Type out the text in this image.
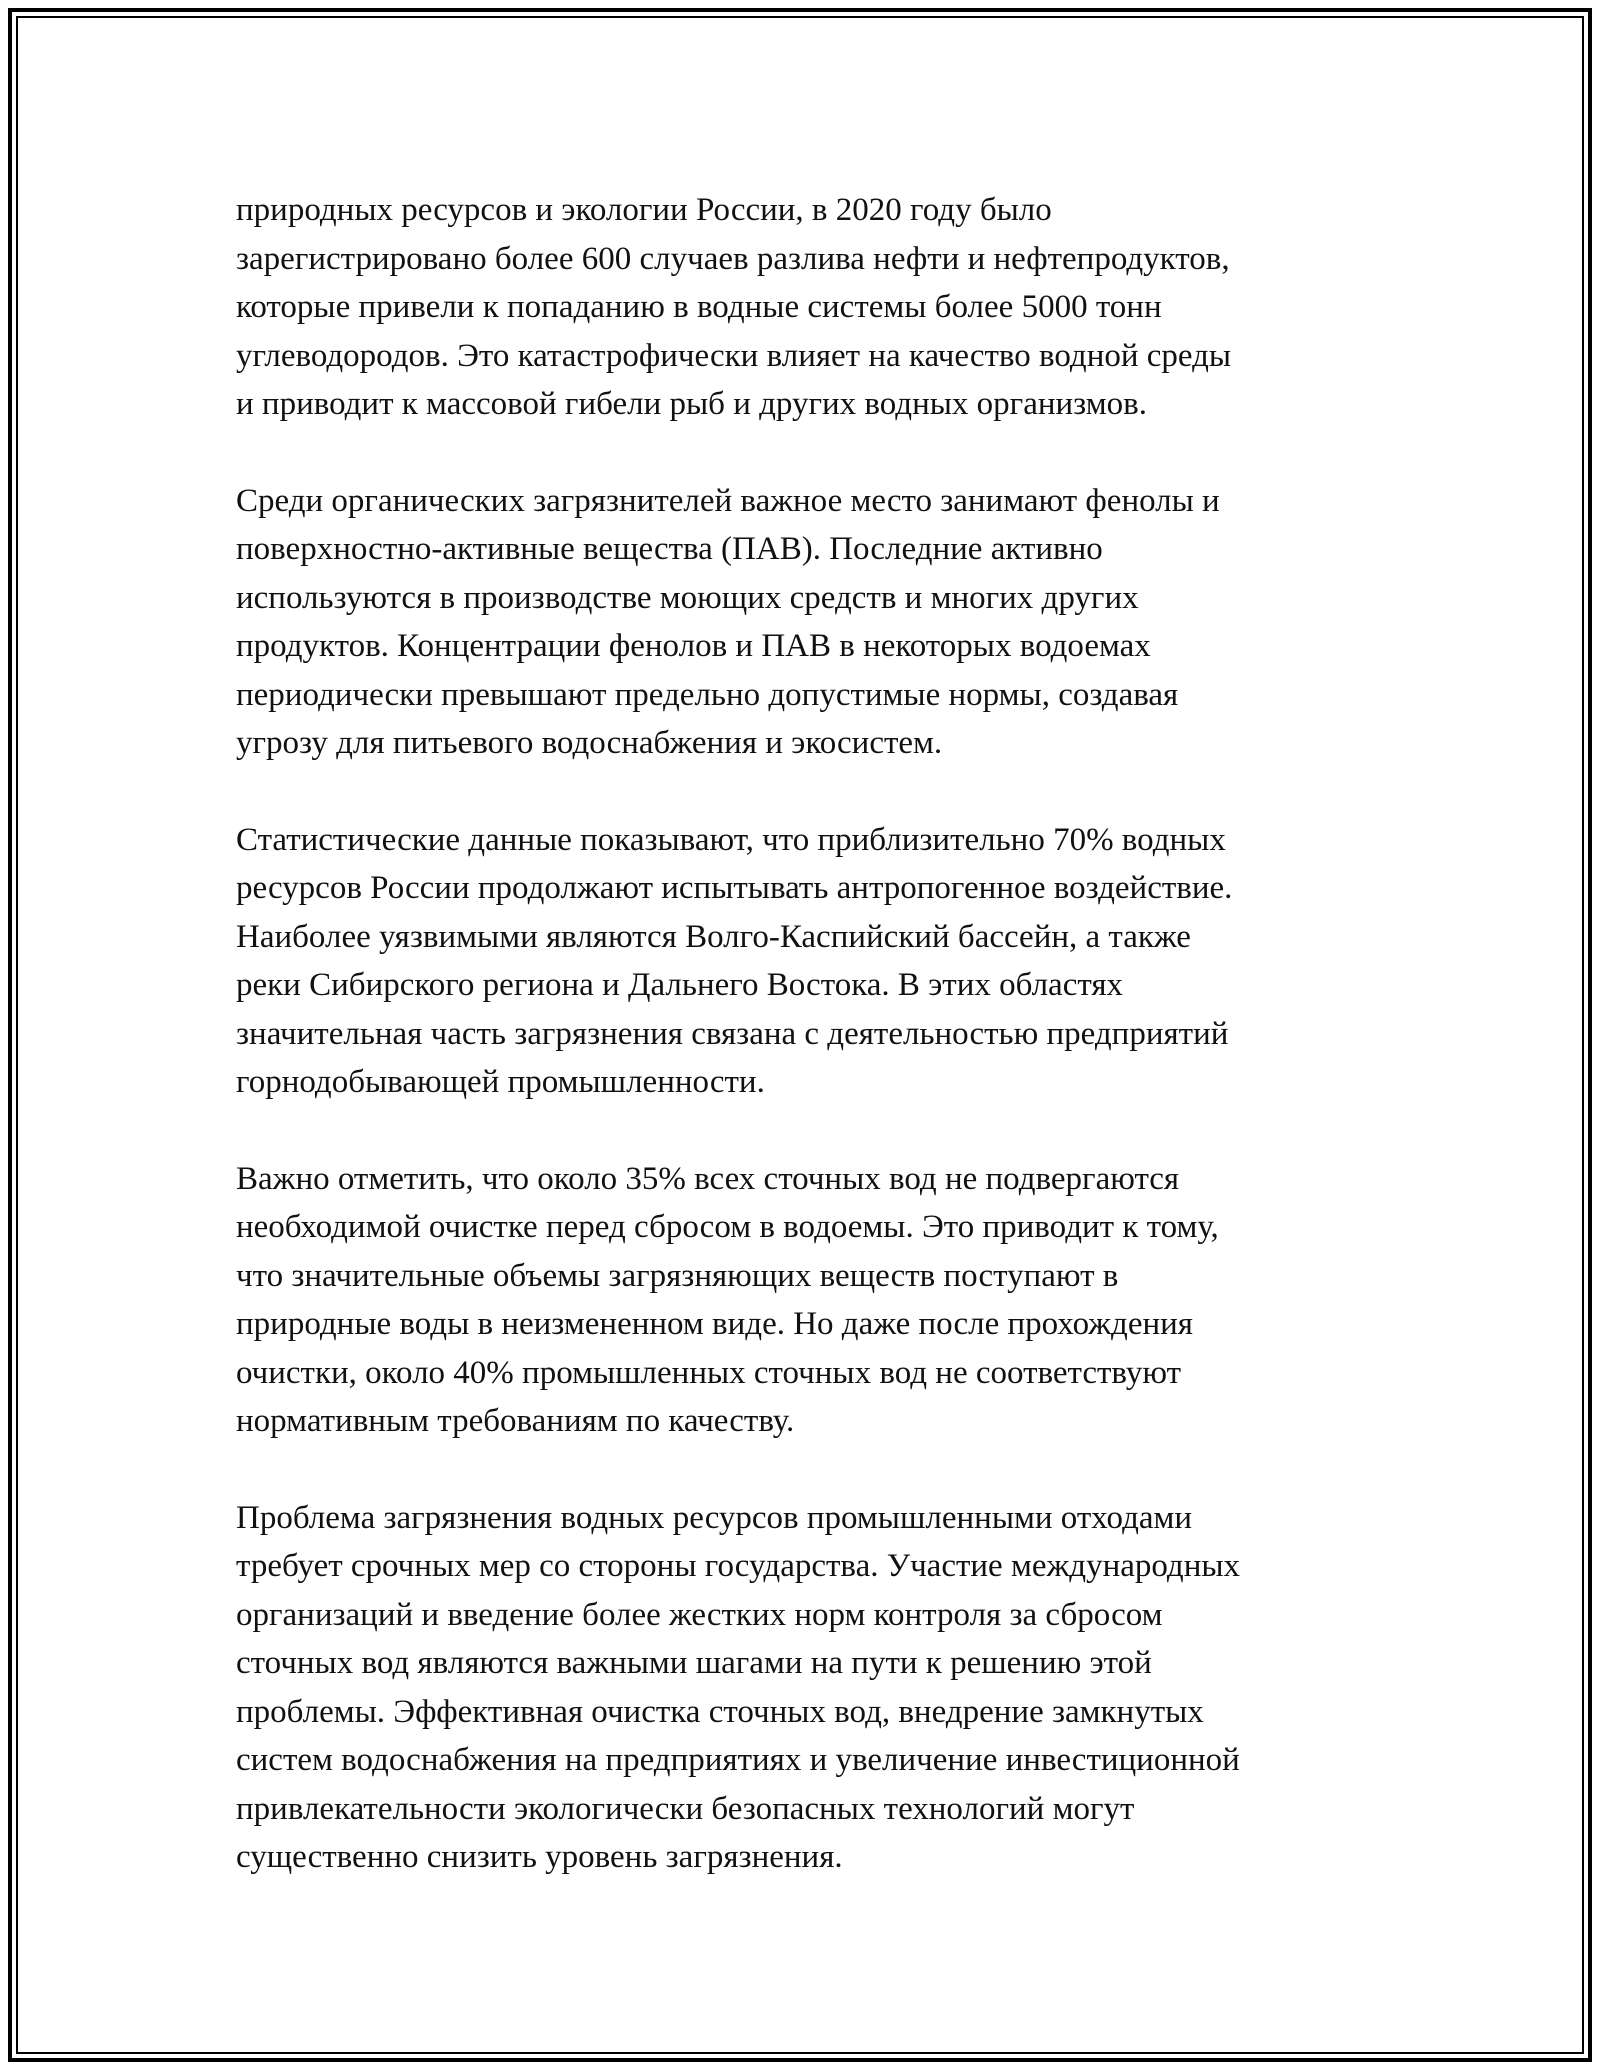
природных ресурсов и экологии России, в 2020 году было
зарегистрировано более 600 случаев разлива нефти и нефтепродуктов,
которые привели к попаданию в водные системы более 5000 тонн
углеводородов. Это катастрофически влияет на качество водной среды
и приводит к массовой гибели рыб и других водных организмов.

Среди органических загрязнителей важное место занимают фенолы и
поверхностно-активные вещества (ПАВ). Последние активно
используются в производстве моющих средств и многих других
продуктов. Концентрации фенолов и ПАВ в некоторых водоемах
периодически превышают предельно допустимые нормы, создавая
угрозу для питьевого водоснабжения и экосистем.

Статистические данные показывают, что приблизительно 70% водных
ресурсов России продолжают испытывать антропогенное воздействие.
Наиболее уязвимыми являются Волго-Каспийский бассейн, а также
реки Сибирского региона и Дальнего Востока. В этих областях
значительная часть загрязнения связана с деятельностью предприятий
горнодобывающей промышленности.

Важно отметить, что около 35% всех сточных вод не подвергаются
необходимой очистке перед сбросом в водоемы. Это приводит к тому,
что значительные объемы загрязняющих веществ поступают в
природные воды в неизмененном виде. Но даже после прохождения
очистки, около 40% промышленных сточных вод не соответствуют
нормативным требованиям по качеству.

Проблема загрязнения водных ресурсов промышленными отходами
требует срочных мер со стороны государства. Участие международных
организаций и введение более жестких норм контроля за сбросом
сточных вод являются важными шагами на пути к решению этой
проблемы. Эффективная очистка сточных вод, внедрение замкнутых
систем водоснабжения на предприятиях и увеличение инвестиционной
привлекательности экологически безопасных технологий могут
существенно снизить уровень загрязнения.
